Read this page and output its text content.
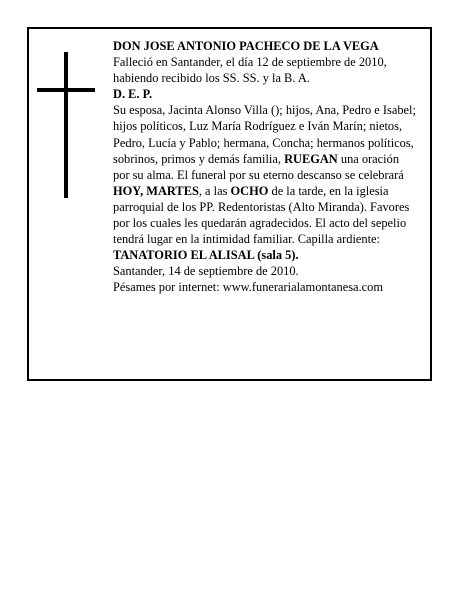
DON JOSE ANTONIO PACHECO DE LA VEGA

Falleció en Santander, el día 12 de septiembre de 2010,
habiendo recibido los SS. SS. y la B. A.

D. E. P.

Su esposa, Jacinta Alonso Villa (); hijos, Ana, Pedro e Isabel; hijos políticos, Luz María Rodríguez e Iván Marín; nietos, Pedro, Lucía y Pablo; hermana, Concha; hermanos políticos, sobrinos, primos y demás familia, RUEGAN una oración por su alma. El funeral por su eterno descanso se celebrará HOY, MARTES, a las OCHO de la tarde, en la iglesia parroquial de los PP. Redentoristas (Alto Miranda). Favores por los cuales les quedarán agradecidos. El acto del sepelio tendrá lugar en la intimidad familiar. Capilla ardiente:
TANATORIO EL ALISAL (sala 5).

Santander, 14 de septiembre de 2010.

Pésames por internet: www.funerarialamontanesa.com
